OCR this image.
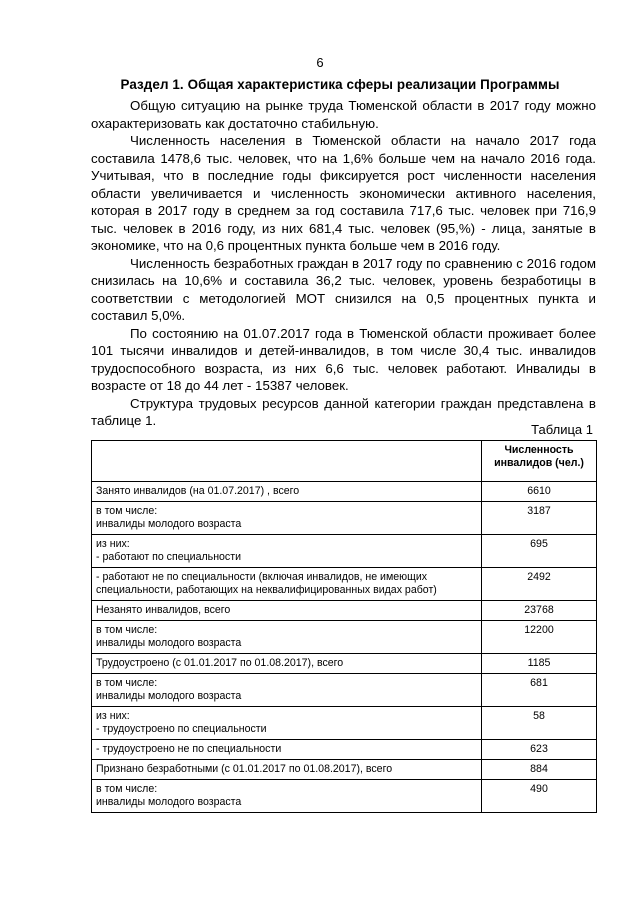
6
Раздел 1. Общая характеристика сферы реализации Программы

Общую ситуацию на рынке труда Тюменской области в 2017 году можно охарактеризовать как достаточно стабильную.

Численность населения в Тюменской области на начало 2017 года составила 1478,6 тыс. человек, что на 1,6% больше чем на начало 2016 года. Учитывая, что в последние годы фиксируется рост численности населения области увеличивается и численность экономически активного населения, которая в 2017 году в среднем за год составила 717,6 тыс. человек при 716,9 тыс. человек в 2016 году, из них 681,4 тыс. человек (95,%) - лица, занятые в экономике, что на 0,6 процентных пункта больше чем в 2016 году.

Численность безработных граждан в 2017 году по сравнению с 2016 годом снизилась на 10,6% и составила 36,2 тыс. человек, уровень безработицы в соответствии с методологией МОТ снизился на 0,5 процентных пункта и составил 5,0%.

По состоянию на 01.07.2017 года в Тюменской области проживает более 101 тысячи инвалидов и детей-инвалидов, в том числе 30,4 тыс. инвалидов трудоспособного возраста, из них 6,6 тыс. человек работают. Инвалиды в возрасте от 18 до 44 лет - 15387 человек.

Структура трудовых ресурсов данной категории граждан представлена в таблице 1.

Таблица 1
	Численность инвалидов (чел.)

Занято инвалидов (на 01.07.2017) , всего	6610

в том числе:
инвалиды молодого возраста	3187

из них:
- работают по специальности	695

- работают не по специальности (включая инвалидов, не имеющих
специальности, работающих на неквалифицированных видах работ)	2492

Незанято инвалидов, всего	23768

в том числе:
инвалиды молодого возраста	12200

Трудоустроено (с 01.01.2017 по 01.08.2017), всего	1185

в том числе:
инвалиды молодого возраста	681

из них:
- трудоустроено по специальности	58

- трудоустроено не по специальности	623

Признано безработными (с 01.01.2017 по 01.08.2017), всего	884

в том числе:
инвалиды молодого возраста	490
